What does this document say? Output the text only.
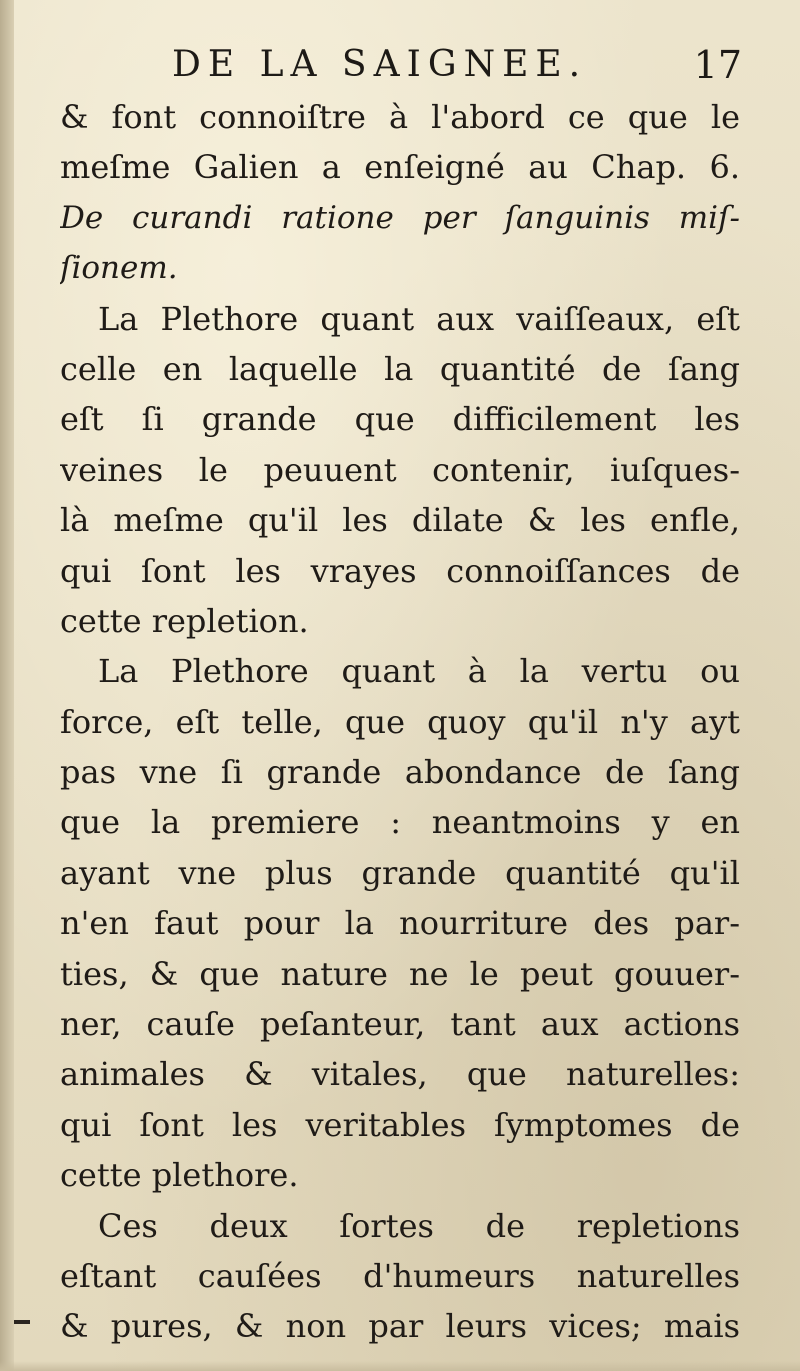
DE LA SAIGNEE.	17
& font connoiſtre à l'abord ce que le
meſme Galien a enſeigné au Chap. 6.
De curandi ratione per ſanguinis miſ-
ſionem.
La Plethore quant aux vaiſſeaux, eſt
celle en laquelle la quantité de ſang
eſt ſi grande que difficilement les
veines le peuuent contenir, iuſques-
là meſme qu'il les dilate & les enfle,
qui ſont les vrayes connoiſſances de
cette repletion.
La Plethore quant à la vertu ou
force, eſt telle, que quoy qu'il n'y ayt
pas vne ſi grande abondance de ſang
que la premiere : neantmoins y en
ayant vne plus grande quantité qu'il
n'en faut pour la nourriture des par-
ties, & que nature ne le peut gouuer-
ner, cauſe peſanteur, tant aux actions
animales & vitales, que naturelles:
qui ſont les veritables ſymptomes de
cette plethore.
Ces deux ſortes de repletions
eſtant cauſées d'humeurs naturelles
& pures, & non par leurs vices; mais
